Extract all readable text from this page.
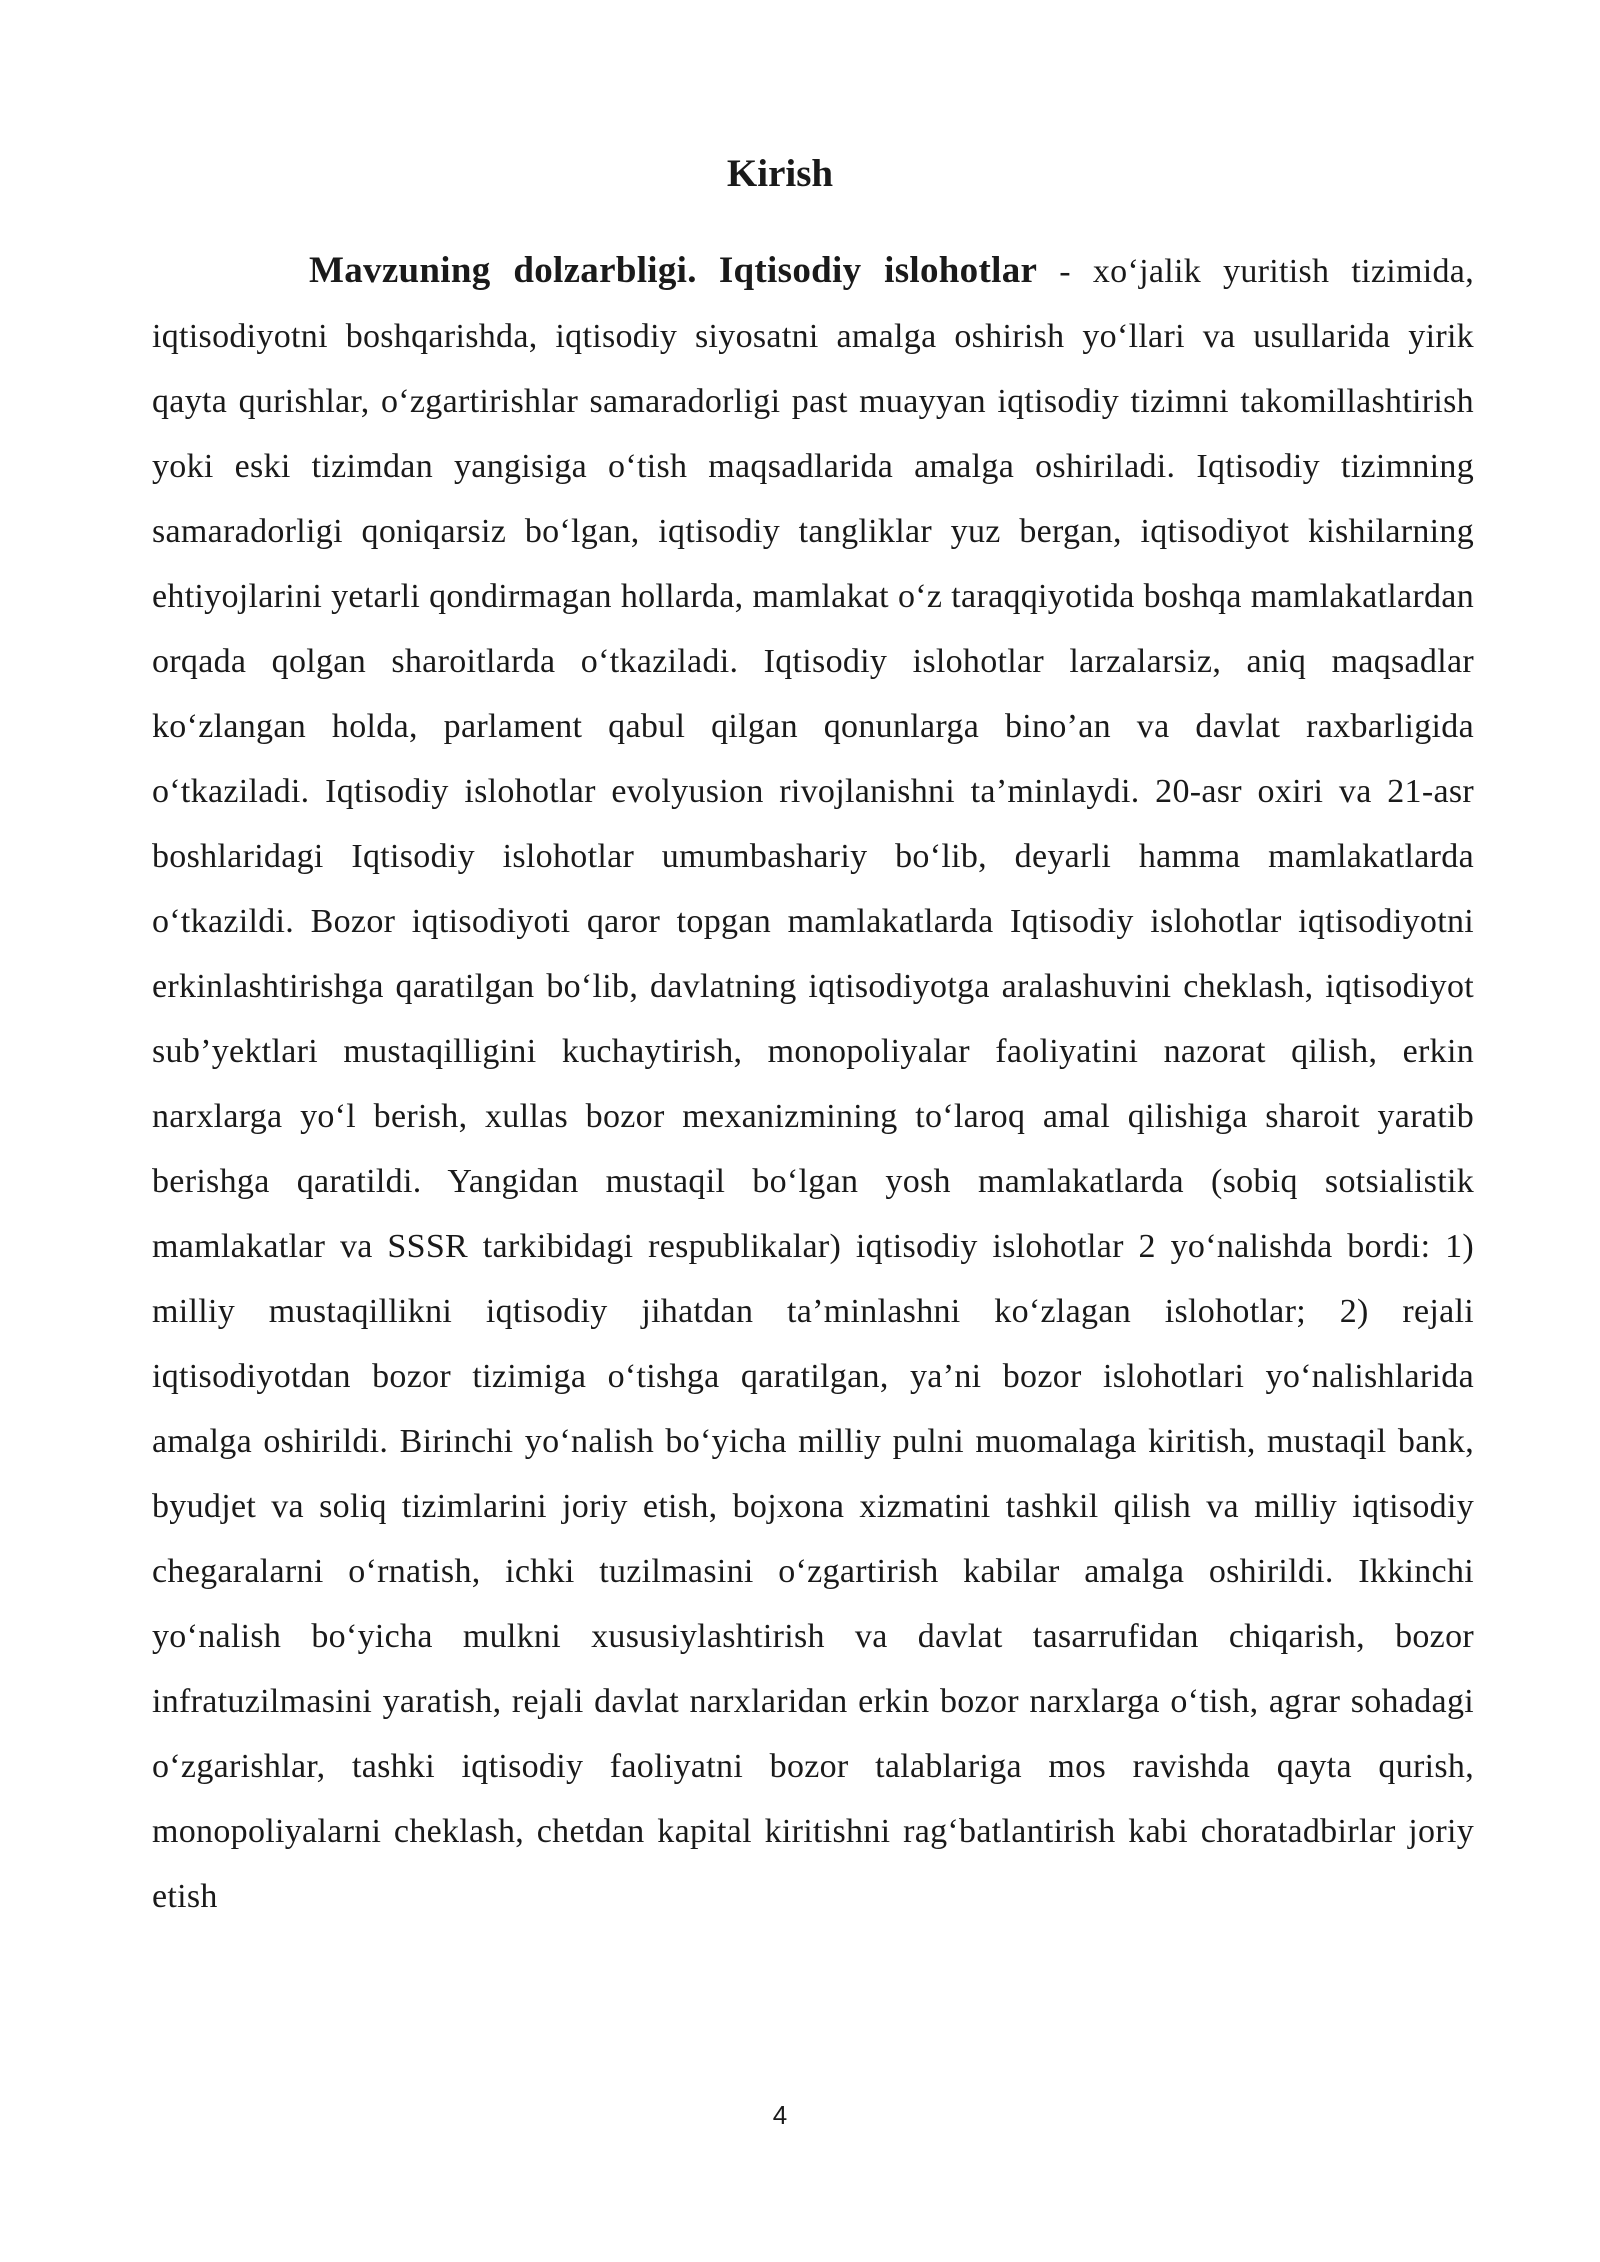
Kirish

Mavzuning dolzarbligi. Iqtisodiy islohotlar - xo‘jalik yuritish tizimida, iqtisodiyotni boshqarishda, iqtisodiy siyosatni amalga oshirish yo‘llari va usullarida yirik qayta qurishlar, o‘zgartirishlar samaradorligi past muayyan iqtisodiy tizimni takomillashtirish yoki eski tizimdan yangisiga o‘tish maqsadlarida amalga oshiriladi. Iqtisodiy tizimning samaradorligi qoniqarsiz bo‘lgan, iqtisodiy tangliklar yuz bergan, iqtisodiyot kishilarning ehtiyojlarini yetarli qondirmagan hollarda, mamlakat o‘z taraqqiyotida boshqa mamlakatlardan orqada qolgan sharoitlarda o‘tkaziladi. Iqtisodiy islohotlar larzalarsiz, aniq maqsadlar ko‘zlangan holda, parlament qabul qilgan qonunlarga bino’an va davlat raxbarligida o‘tkaziladi. Iqtisodiy islohotlar evolyusion rivojlanishni ta’minlaydi. 20-asr oxiri va 21-asr boshlaridagi Iqtisodiy islohotlar umumbashariy bo‘lib, deyarli hamma mamlakatlarda o‘tkazildi. Bozor iqtisodiyoti qaror topgan mamlakatlarda Iqtisodiy islohotlar iqtisodiyotni erkinlashtirishga qaratilgan bo‘lib, davlatning iqtisodiyotga aralashuvini cheklash, iqtisodiyot sub’yektlari mustaqilligini kuchaytirish, monopoliyalar faoliyatini nazorat qilish, erkin narxlarga yo‘l berish, xullas bozor mexanizmining to‘laroq amal qilishiga sharoit yaratib berishga qaratildi. Yangidan mustaqil bo‘lgan yosh mamlakatlarda (sobiq sotsialistik mamlakatlar va SSSR tarkibidagi respublikalar) iqtisodiy islohotlar 2 yo‘nalishda bordi: 1) milliy mustaqillikni iqtisodiy jihatdan ta’minlashni ko‘zlagan islohotlar; 2) rejali iqtisodiyotdan bozor tizimiga o‘tishga qaratilgan, ya’ni bozor islohotlari yo‘nalishlarida amalga oshirildi. Birinchi yo‘nalish bo‘yicha milliy pulni muomalaga kiritish, mustaqil bank, byudjet va soliq tizimlarini joriy etish, bojxona xizmatini tashkil qilish va milliy iqtisodiy chegaralarni o‘rnatish, ichki tuzilmasini o‘zgartirish kabilar amalga oshirildi. Ikkinchi yo‘nalish bo‘yicha mulkni xususiylashtirish va davlat tasarrufidan chiqarish, bozor infratuzilmasini yaratish, rejali davlat narxlaridan erkin bozor narxlarga o‘tish, agrar sohadagi o‘zgarishlar, tashki iqtisodiy faoliyatni bozor talablariga mos ravishda qayta qurish, monopoliyalarni cheklash, chetdan kapital kiritishni rag‘batlantirish kabi choratadbirlar joriy etish

4
